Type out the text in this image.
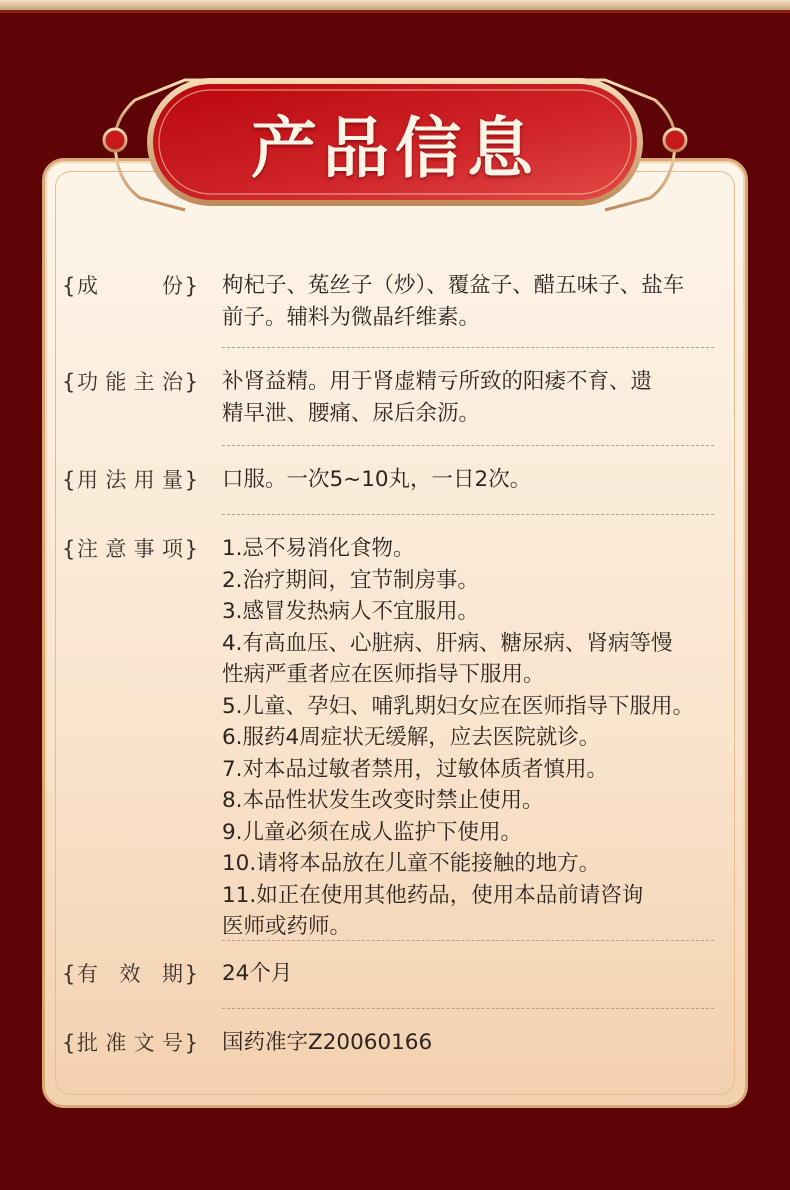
产品信息
{ 成　　份 } 枸杞子、菟丝子（炒）、覆盆子、醋五味子、盐车
前子。辅料为微晶纤维素。
{ 功能主治 } 补肾益精。用于肾虚精亏所致的阳痿不育、遗
精早泄、腰痛、尿后余沥。
{ 用法用量 } 口服。一次5~10丸，一日2次。
{ 注意事项 } 1.忌不易消化食物。
2.治疗期间，宜节制房事。
3.感冒发热病人不宜服用。
4.有高血压、心脏病、肝病、糖尿病、肾病等慢
性病严重者应在医师指导下服用。
5.儿童、孕妇、哺乳期妇女应在医师指导下服用。
6.服药4周症状无缓解，应去医院就诊。
7.对本品过敏者禁用，过敏体质者慎用。
8.本品性状发生改变时禁止使用。
9.儿童必须在成人监护下使用。
10.请将本品放在儿童不能接触的地方。
11.如正在使用其他药品，使用本品前请咨询
医师或药师。
{ 有 效 期 } 24个月
{ 批准文号 } 国药准字Z20060166
